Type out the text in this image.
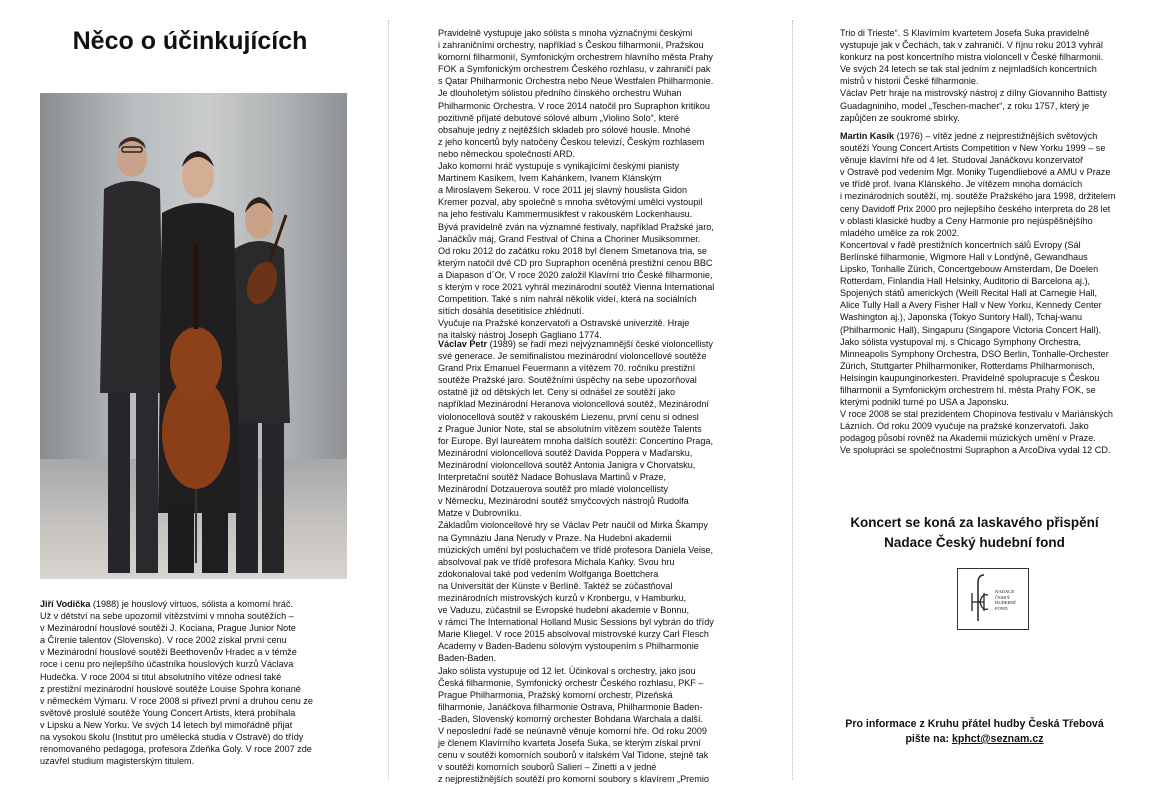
Něco o účinkujících

Jiří Vodička (1988) je houslový virtuos, sólista a komorní hráč.
Už v dětství na sebe upozornil vítězstvími v mnoha soutěžích –
v Mezinárodní houslové soutěži J. Kociana, Prague Junior Note
a Čírenie talentov (Slovensko). V roce 2002 získal první cenu
v Mezinárodní houslové soutěži Beethovenův Hradec a v témže
roce i cenu pro nejlepšího účastníka houslových kurzů Václava
Hudečka. V roce 2004 si titul absolutního vítěze odnesl také
z prestižní mezinárodní houslové soutěže Louise Spohra konané
v německém Výmaru. V roce 2008 si přivezl první a druhou cenu ze
světově proslulé soutěže Young Concert Artists, která probíhala
v Lipsku a New Yorku. Ve svých 14 letech byl mimořádně přijat
na vysokou školu (Institut pro umělecká studia v Ostravě) do třídy
renomovaného pedagoga, profesora Zdeňka Goly. V roce 2007 zde
uzavřel studium magisterským titulem.

Pravidelně vystupuje jako sólista s mnoha význačnými českými
i zahraničními orchestry, například s Českou filharmonií, Pražskou
komorní filharmonií, Symfonickým orchestrem hlavního města Prahy
FOK a Symfonickým orchestrem Českého rozhlasu, v zahraničí pak
s Qatar Philharmonic Orchestra nebo Neue Westfalen Philharmonie.
Je dlouholetým sólistou předního čínského orchestru Wuhan
Philharmonic Orchestra. V roce 2014 natočil pro Supraphon kritikou
pozitivně přijaté debutové sólové album „Violino Solo“, které
obsahuje jedny z nejtěžších skladeb pro sólové housle. Mnohé
z jeho koncertů byly natočeny Českou televizí, Českým rozhlasem
nebo německou společností ARD.
Jako komorní hráč vystupuje s vynikajícími českými pianisty
Martinem Kasíkem, Ivem Kahánkem, Ivanem Klánským
a Miroslavem Sekerou. V roce 2011 jej slavný houslista Gidon
Kremer pozval, aby společně s mnoha světovými umělci vystoupil
na jeho festivalu Kammermusikfest v rakouském Lockenhausu.
Bývá pravidelně zván na významné festivaly, například Pražské jaro,
Janáčkův máj, Grand Festival of China a Choriner Musiksommer.
Od roku 2012 do začátku roku 2018 byl členem Smetanova tria, se
kterým natočil dvě CD pro Supraphon oceněná prestižní cenou BBC
a Diapason d´Or. V roce 2020 založil Klavírní trio České filharmonie,
s kterým v roce 2021 vyhrál mezinárodní soutěž Vienna International
Competition. Také s ním nahrál několik videí, která na sociálních
sítích dosáhla desetitisíce zhlédnutí.
Vyučuje na Pražské konzervatoři a Ostravské univerzitě. Hraje
na italský nástroj Joseph Gagliano 1774.

Václav Petr (1989) se řadí mezi nejvýznamnější české violoncellisty
své generace. Je semifinalistou mezinárodní violoncellové soutěže
Grand Prix Emanuel Feuermann a vítězem 70. ročníku prestižní
soutěže Pražské jaro. Soutěžními úspěchy na sebe upozorňoval
ostatně již od dětských let. Ceny si odnášel ze soutěží jako
například Mezinárodní Heranova violoncellová soutěž, Mezinárodní
violonocellová soutěž v rakouském Liezenu, první cenu si odnesl
z Prague Junior Note, stal se absolutním vítězem soutěže Talents
for Europe. Byl laureátem mnoha dalších soutěží: Concertino Praga,
Mezinárodní violoncellová soutěž Davida Poppera v Maďarsku,
Mezinárodní violoncellová soutěž Antonia Janigra v Chorvatsku,
Interpretační soutěž Nadace Bohuslava Martinů v Praze,
Mezinárodní Dotzauerova soutěž pro mladé violoncellisty
v Německu, Mezinárodní soutěž smyčcových nástrojů Rudolfa
Matze v Dubrovníku.
Základům violoncellové hry se Václav Petr naučil od Mirka Škampy
na Gymnáziu Jana Nerudy v Praze. Na Hudební akademii
múzických umění byl posluchačem ve třídě profesora Daniela Veise,
absolvoval pak ve třídě profesora Michala Kaňky. Svou hru
zdokonaloval také pod vedením Wolfganga Boettchera
na Universität der Künste v Berlíně. Taktéž se zúčastňoval
mezinárodních mistrovských kurzů v Kronbergu, v Hamburku,
ve Vaduzu, zúčastnil se Evropské hudební akademie v Bonnu,
v rámci The International Holland Music Sessions byl vybrán do třídy
Marie Kliegel. V roce 2015 absolvoval mistrovské kurzy Carl Flesch
Academy v Baden-Badenu sólovým vystoupením s Philharmonie
Baden-Baden.
Jako sólista vystupuje od 12 let. Účinkoval s orchestry, jako jsou
Česká filharmonie, Symfonický orchestr Českého rozhlasu, PKF –
Prague Philharmonia, Pražský komorní orchestr, Plzeňská
filharmonie, Janáčkova filharmonie Ostrava, Philharmonie Baden-
-Baden, Slovenský komorný orchester Bohdana Warchala a další.
V neposlední řadě se neúnavně věnuje komorní hře. Od roku 2009
je členem Klavírního kvarteta Josefa Suka, se kterým získal první
cenu v soutěži komorních souborů v italském Val Tidone, stejně tak
v soutěži komorních souborů Salieri – Zinetti a v jedné
z nejprestižnějších soutěží pro komorní soubory s klavírem „Premio

Trio di Trieste“. S Klavírním kvartetem Josefa Suka pravidelně
vystupuje jak v Čechách, tak v zahraničí. V říjnu roku 2013 vyhrál
konkurz na post koncertního mistra violoncell v České filharmonii.
Ve svých 24 letech se tak stal jedním z nejmladších koncertních
mistrů v historii České filharmonie.
Václav Petr hraje na mistrovský nástroj z dílny Giovanniho Battisty
Guadagniniho, model „Teschen-macher“, z roku 1757, který je
zapůjčen ze soukromé sbírky.

Martin Kasík (1976) – vítěz jedné z nejprestižnějších světových
soutěží Young Concert Artists Competition v New Yorku 1999 – se
věnuje klavírní hře od 4 let. Studoval Janáčkovu konzervatoř
v Ostravě pod vedením Mgr. Moniky Tugendliebové a AMU v Praze
ve třídě prof. Ivana Klánského. Je vítězem mnoha domácích
i mezinárodních soutěží, mj. soutěže Pražského jara 1998, držitelem
ceny Davidoff Prix 2000 pro nejlepšího českého interpreta do 28 let
v oblasti klasické hudby a Ceny Harmonie pro nejúspěšnějšího
mladého umělce za rok 2002.
Koncertoval v řadě prestižních koncertních sálů Evropy (Sál
Berlínské filharmonie, Wigmore Hall v Londýně, Gewandhaus
Lipsko, Tonhalle Zürich, Concertgebouw Amsterdam, De Doelen
Rotterdam, Finlandia Hall Helsinky, Auditorio di Barcelona aj.),
Spojených států amerických (Weill Recital Hall at Carnegie Hall,
Alice Tully Hall a Avery Fisher Hall v New Yorku, Kennedy Center
Washington aj.), Japonska (Tokyo Suntory Hall), Tchaj-wanu
(Philharmonic Hall), Singapuru (Singapore Victoria Concert Hall).
Jako sólista vystupoval mj. s Chicago Symphony Orchestra,
Minneapolis Symphony Orchestra, DSO Berlin, Tonhalle-Orchester
Zürich, Stuttgarter Philharmoniker, Rotterdams Philharmonisch,
Helsingin kaupunginorkesteri. Pravidelně spolupracuje s Českou
filharmonií a Symfonickým orchestrem hl. města Prahy FOK, se
kterými podnikl turné po USA a Japonsku.
V roce 2008 se stal prezidentem Chopinova festivalu v Mariánských
Lázních. Od roku 2009 vyučuje na pražské konzervatoři. Jako
podagog působí rovněž na Akademii múzických umění v Praze.
Ve spolupráci se společnostmi Supraphon a ArcoDiva vydal 12 CD.

Koncert se koná za laskavého přispění
Nadace Český hudební fond
NADACE ČESKÝ HUDEBNÍ FOND
Pro informace z Kruhu přátel hudby Česká Třebová
pište na: kphct@seznam.cz
